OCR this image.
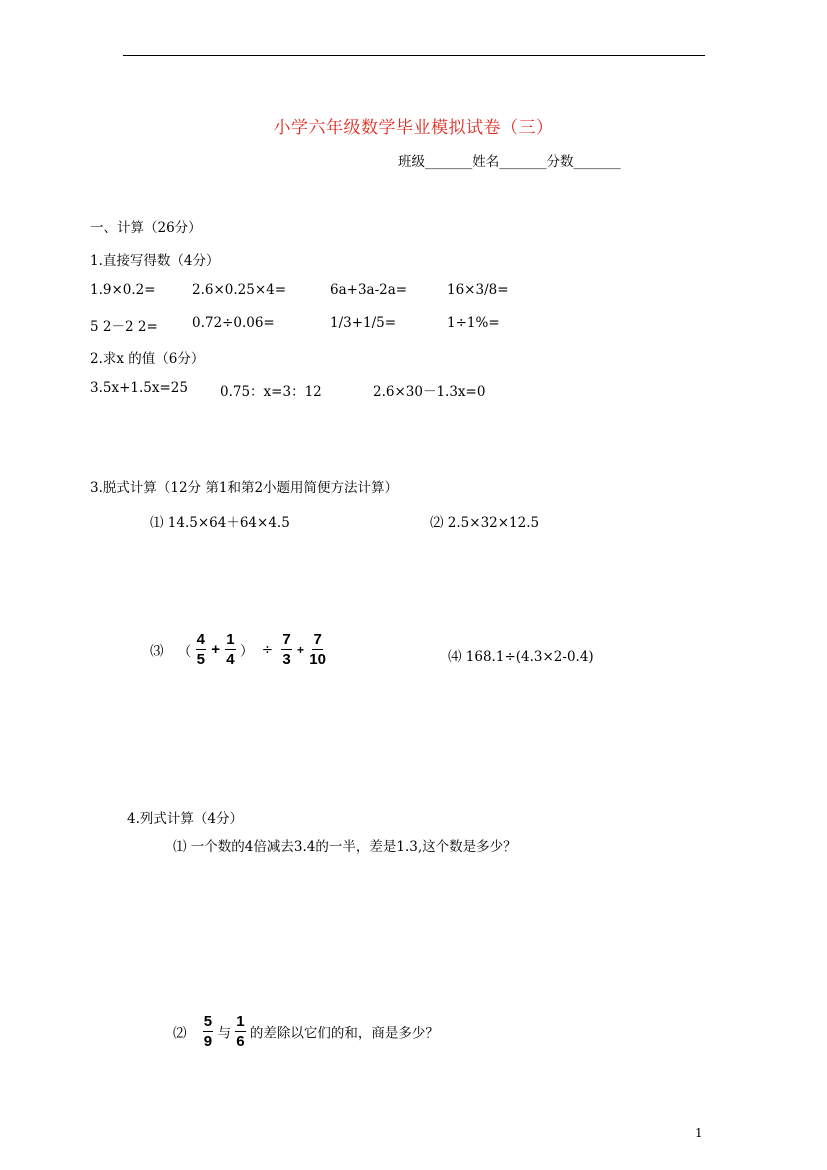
小学六年级数学毕业模拟试卷（三）
班级_______姓名_______分数_______
一、计算（26分）
1.直接写得数（4分）
1.9×0.2=	2.6×0.25×4=	6a+3a-2a=	16×3/8=
5 2－2 2=	0.72÷0.06=	1/3+1/5=	1÷1%=
2.求x 的值（6分）
3.5x+1.5x=25 0.75：x=3：12	2.6×30－1.3x=0
3.脱式计算（12分 第1和第2小题用简便方法计算）
⑴ 14.5×64＋64×4.5	⑵ 2.5×32×12.5
⑶ （ $\frac{4}{5} + \frac{1}{4}$ ） ÷ $\frac{7}{3} + \frac{7}{10}$	⑷ 168.1÷(4.3×2-0.4)
4.列式计算（4分）
⑴ 一个数的4倍减去3.4的一半，差是1.3,这个数是多少？
⑵ $\frac{5}{9}$ 与 $\frac{1}{6}$ 的差除以它们的和，商是多少？
1
